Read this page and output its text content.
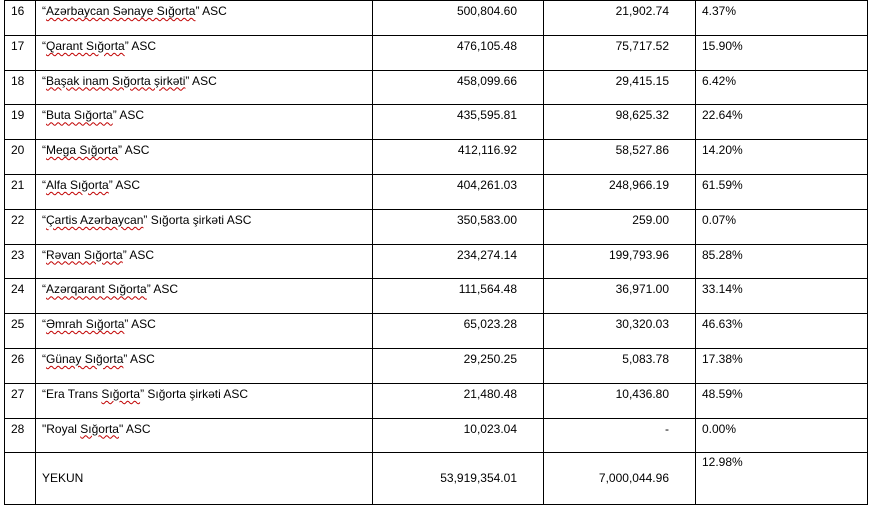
16	“Azərbaycan Sənaye Sığorta” ASC	500,804.60	21,902.74	4.37%
17	“Qarant Sığorta” ASC	476,105.48	75,717.52	15.90%
18	“Başak inam Sığorta şirkəti” ASC	458,099.66	29,415.15	6.42%
19	“Buta Sığorta” ASC	435,595.81	98,625.32	22.64%
20	“Mega Sığorta” ASC	412,116.92	58,527.86	14.20%
21	“Alfa Sığorta” ASC	404,261.03	248,966.19	61.59%
22	“Çartis Azərbaycan” Sığorta şirkəti ASC	350,583.00	259.00	0.07%
23	“Rəvan Sığorta” ASC	234,274.14	199,793.96	85.28%
24	“Azərqarant Sığorta” ASC	111,564.48	36,971.00	33.14%
25	“Əmrah Sığorta” ASC	65,023.28	30,320.03	46.63%
26	“Günay Sığorta” ASC	29,250.25	5,083.78	17.38%
27	“Era Trans Sığorta” Sığorta şirkəti ASC	21,480.48	10,436.80	48.59%
28	"Royal Sığorta" ASC	10,023.04	-	0.00%
	YEKUN	53,919,354.01	7,000,044.96	12.98%
